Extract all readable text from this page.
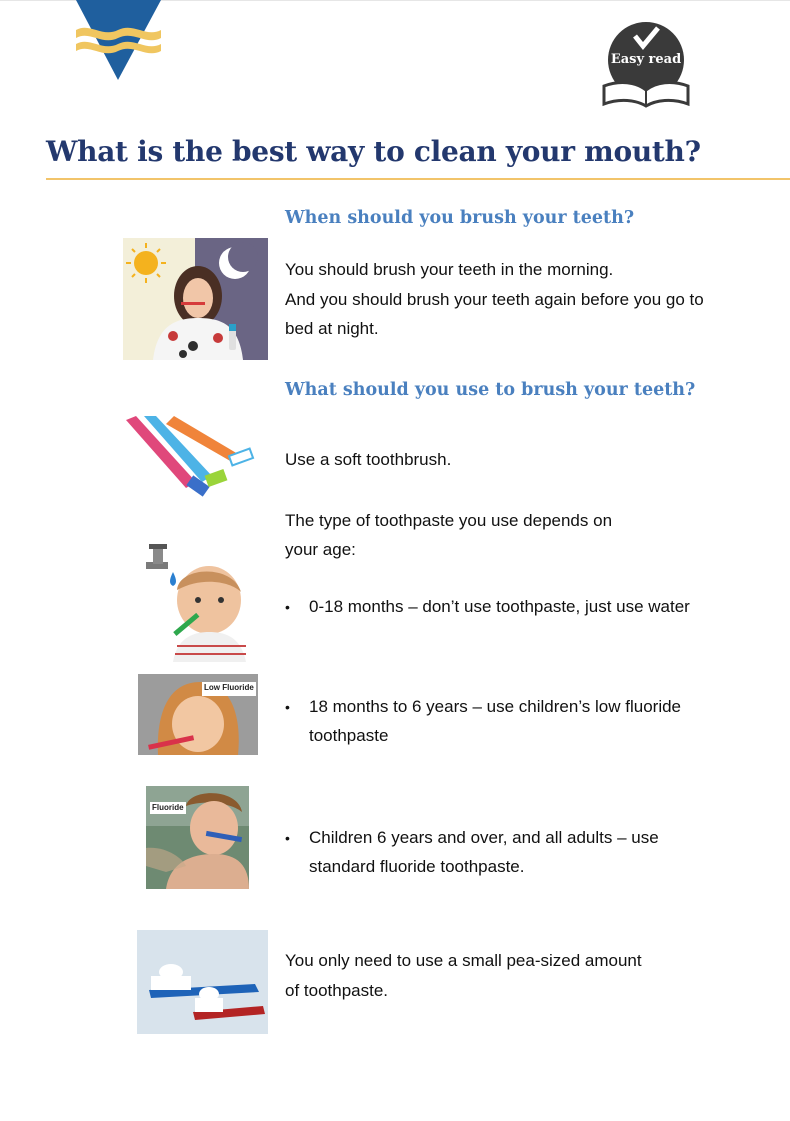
Easy read
What is the best way to clean your mouth?
When should you brush your teeth?
You should brush your teeth in the morning.
And you should brush your teeth again before you go to
bed at night.
What should you use to brush your teeth?
Use a soft toothbrush.
The type of toothpaste you use depends on
your age:
• 0-18 months – don’t use toothpaste, just use water
Low Fluoride
• 18 months to 6 years – use children’s low fluoride
toothpaste
Fluoride
• Children 6 years and over, and all adults – use
standard fluoride toothpaste.
You only need to use a small pea-sized amount
of toothpaste.
